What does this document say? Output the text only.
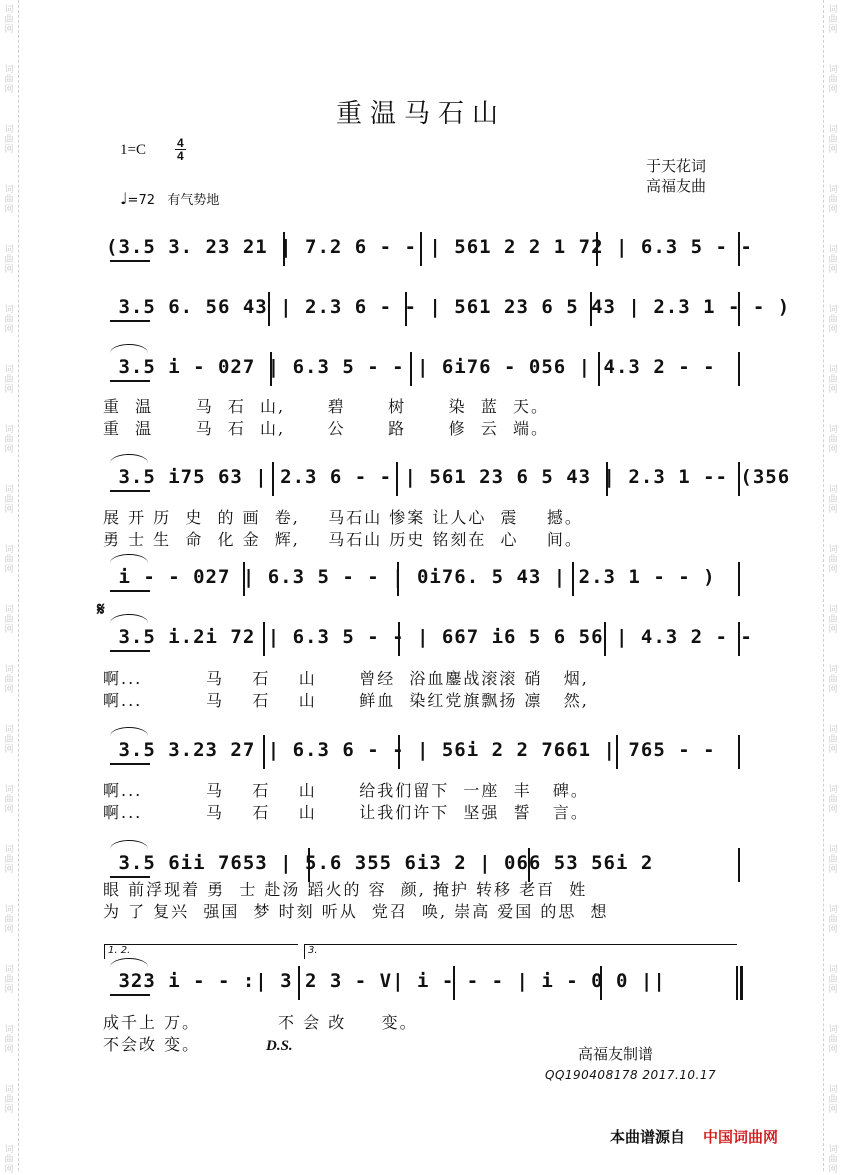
词曲网
词曲网
词曲网
词曲网
词曲网
词曲网
词曲网
词曲网
词曲网
词曲网
词曲网
词曲网
词曲网
词曲网
词曲网
词曲网
词曲网
词曲网
词曲网
词曲网
词曲网
词曲网
词曲网
词曲网
词曲网
词曲网
词曲网
词曲网
词曲网
词曲网
词曲网
词曲网
词曲网
词曲网
词曲网
词曲网
词曲网
词曲网
词曲网
词曲网
重温马石山
1=C	4
4
♩=72 有气势地
于天花词
高福友曲
𝄋
(3.5 3. 23 21 | 7.2 6 - - | 561 2 2 1 72 | 6.3 5 - -
3.5 6. 56 43 | 2.3 6 - - | 561 23 6 5 43 | 2.3 1 - - )
3.5 i - 027 | 6.3 5 - - | 6i76 - 056 | 4.3 2 - -
重  温      马  石  山,      碧      树      染  蓝  天。
重  温      马  石  山,      公      路      修  云  端。
3.5 i75 63 | 2.3 6 - - | 561 23 6 5 43 | 2.3 1 -- (356
展 开 历  史  的 画  卷,    马石山 惨案 让人心  震    撼。
勇 士 生  命  化 金  辉,    马石山 历史 铭刻在  心    间。
i - - 027 | 6.3 5 - - | 0i76. 5 43 | 2.3 1 - - )
3.5 i.2i 72 | 6.3 5 - - | 667 i6 5 6 56 | 4.3 2 - -
啊...         马    石    山      曾经  浴血鏖战滚滚 硝   烟,
啊...         马    石    山      鲜血  染红党旗飘扬 凛   然,
3.5 3.23 27 | 6.3 6 - - | 56i 2 2 7661 | 765 - -
啊...         马    石    山      给我们留下  一座  丰   碑。
啊...         马    石    山      让我们许下  坚强  誓   言。
3.5 6ii 7653 | 5.6 355 6i3 2 | 066 53 56i 2
眼 前浮现着 勇  士 赴汤 蹈火的 容  颜, 掩护 转移 老百  姓
为 了 复兴  强国  梦 时刻 听从  党召  唤, 崇高 爱国 的思  想
323 i - - :| 3 2 3 - V| i - - - | i - 0 0 ||
成千上 万。           不 会 改     变。
不会改 变。
1. 2.	3.
D.S.	高福友制谱
QQ190408178 2017.10.17
本曲谱源自 中国词曲网
